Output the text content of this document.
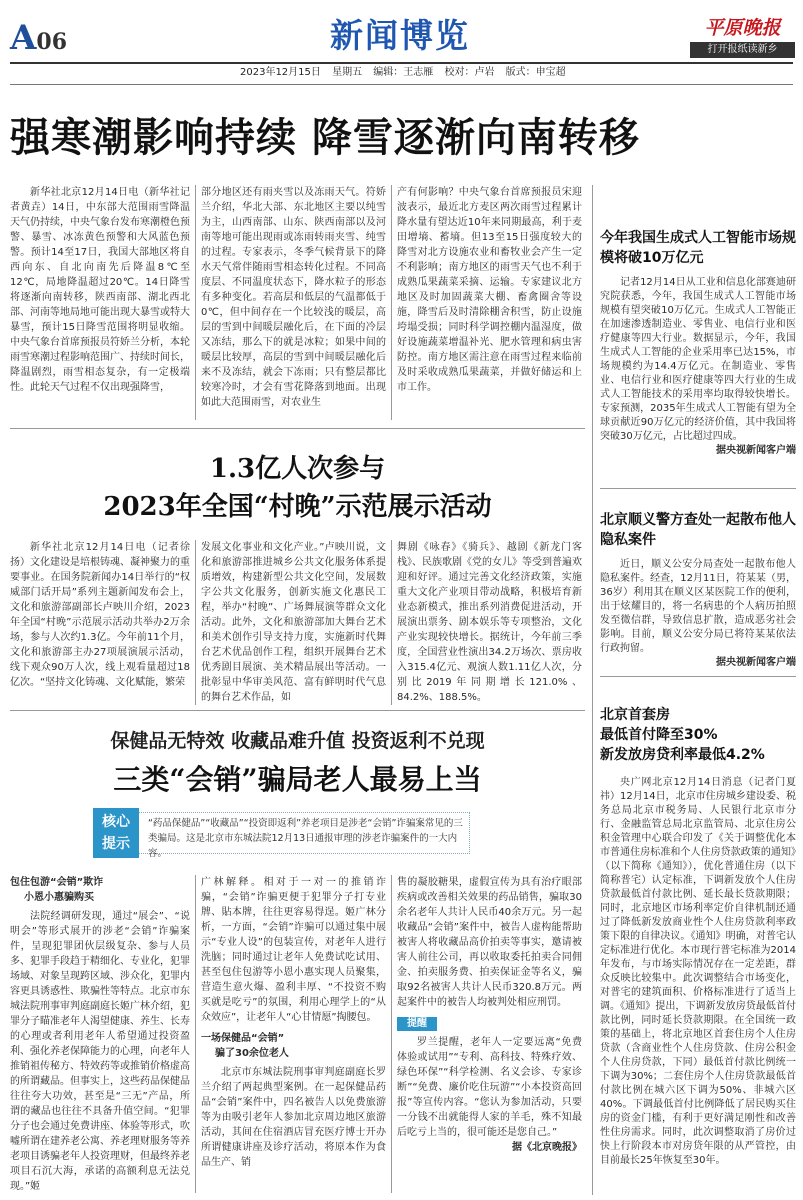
A06	新闻博览	平原晚报
打开报纸读新乡
2023年12月15日 星期五 编辑：王志雁 校对：卢岩 版式：申宝超
强寒潮影响持续 降雪逐渐向南转移

新华社北京12月14日电（新华社记者黄垚）14日，中东部大范围雨雪降温天气仍持续，中央气象台发布寒潮橙色预警、暴雪、冰冻黄色预警和大风蓝色预警。预计14至17日，我国大部地区将自西向东、自北向南先后降温8℃至12℃，局地降温超过20℃。14日降雪将逐渐向南转移，陕西南部、湖北西北部、河南等地局地可能出现大暴雪或特大暴雪，预计15日降雪范围将明显收缩。中央气象台首席预报员符娇兰分析，本轮雨雪寒潮过程影响范围广、持续时间长，降温剧烈，雨雪相态复杂，有一定极端性。此轮天气过程不仅出现强降雪，

部分地区还有雨夹雪以及冻雨天气。符娇兰介绍，华北大部、东北地区主要以纯雪为主，山西南部、山东、陕西南部以及河南等地可能出现雨或冻雨转雨夹雪、纯雪的过程。专家表示，冬季气候背景下的降水天气常伴随雨雪相态转化过程。不同高度层、不同温度状态下，降水粒子的形态有多种变化。若高层和低层的气温都低于0℃，但中间存在一个比较浅的暖层，高层的雪到中间暖层融化后，在下面的冷层又冻结，那么下的就是冰粒；如果中间的暖层比较厚，高层的雪到中间暖层融化后来不及冻结，就会下冻雨；只有整层都比较寒冷时，才会有雪花降落到地面。出现如此大范围雨雪，对农业生

产有何影响？中央气象台首席预报员宋迎波表示，最近北方麦区两次雨雪过程累计降水量有望达近10年来同期最高，利于麦田增墒、蓄墒。但13至15日强度较大的降雪对北方设施农业和畜牧业会产生一定不利影响；南方地区的雨雪天气也不利于成熟瓜果蔬菜采摘、运输。专家建议北方地区及时加固蔬菜大棚、畜禽圈舍等设施，降雪后及时清除棚舍积雪，防止设施垮塌受损；同时科学调控棚内温湿度，做好设施蔬菜增温补光、肥水管理和病虫害防控。南方地区需注意在雨雪过程来临前及时采收成熟瓜果蔬菜，并做好储运和上市工作。

1.3亿人次参与
2023年全国“村晚”示范展示活动

新华社北京12月14日电（记者徐扬）文化建设是培根铸魂、凝神聚力的重要事业。在国务院新闻办14日举行的“权威部门话开局”系列主题新闻发布会上，文化和旅游部副部长卢映川介绍，2023年全国“村晚”示范展示活动共举办2万余场，参与人次约1.3亿。今年前11个月，文化和旅游部主办27项展演展示活动，线下观众90万人次，线上观看量超过18亿次。“坚持文化铸魂、文化赋能，繁荣

发展文化事业和文化产业。”卢映川说，文化和旅游部推进城乡公共文化服务体系提质增效，构建新型公共文化空间，发展数字公共文化服务，创新实施文化惠民工程，举办“村晚”、广场舞展演等群众文化活动。此外，文化和旅游部加大舞台艺术和美术创作引导支持力度，实施新时代舞台艺术优品创作工程，组织开展舞台艺术优秀剧目展演、美术精品展出等活动。一批彰显中华审美风范、富有鲜明时代气息的舞台艺术作品，如

舞剧《咏春》《骑兵》、越剧《新龙门客栈》、民族歌剧《党的女儿》等受到普遍欢迎和好评。通过完善文化经济政策，实施重大文化产业项目带动战略，积极培育新业态新模式，推出系列消费促进活动，开展演出票务、剧本娱乐等专项整治，文化产业实现较快增长。据统计，今年前三季度，全国营业性演出34.2万场次、票房收入315.4亿元、观演人数1.11亿人次，分别比2019年同期增长121.0%、84.2%、188.5%。

保健品无特效 收藏品难升值 投资返利不兑现
三类“会销”骗局老人最易上当
核心
提示
“药品保健品”“收藏品”“投资即返利”养老项目是涉老“会销”诈骗案常见的三类骗局。这是北京市东城法院12月13日通报审理的涉老诈骗案件的一大内容。
包住包游“会销”欺诈
小恩小惠骗购买

法院经调研发现，通过“展会”、“说明会”等形式展开的涉老“会销”诈骗案件，呈现犯罪团伙层级复杂、参与人员多、犯罪手段趋于精细化、专业化，犯罪场域、对象呈现跨区域、涉众化，犯罪内容更具诱惑性、欺骗性等特点。北京市东城法院刑事审判庭副庭长姬广林介绍，犯罪分子瞄准老年人渴望健康、养生、长寿的心理或者利用老年人希望通过投资盈利、强化养老保障能力的心理，向老年人推销祖传秘方、特效药等或推销价格虚高的所谓藏品。但事实上，这些药品保健品往往夸大功效，甚至是“三无”产品，所谓的藏品也往往不具备升值空间。“犯罪分子也会通过免费讲座、体验等形式，吹嘘所谓在建养老公寓、养老理财服务等养老项目诱骗老年人投资理财，但最终养老项目石沉大海，承诺的高额利息无法兑现。”姬

广林解释。相对于一对一的推销诈骗，“会销”诈骗更便于犯罪分子打专业牌、貼本牌，往往更容易得逞。姬广林分析，一方面，“会销”诈骗可以通过集中展示“专业人设”的包装宣传，对老年人进行洗脑；同时通过让老年人免费试吃试用、甚至包住包游等小恩小惠实现人员聚集，营造生意火爆、盈利丰厚、“不投资不购买就是吃亏”的氛围，利用心理学上的“从众效应”，让老年人“心甘情愿”掏腰包。

一场保健品“会销”
骗了30余位老人

北京市东城法院刑事审判庭副庭长罗兰介绍了两起典型案例。在一起保健品药品“会销”案件中，四名被告人以免费旅游等为由吸引老年人参加北京周边地区旅游活动，其间在住宿酒店冒充医疗博士开办所谓健康讲座及诊疗活动，将原本作为食品生产、销

售的凝胶糖果，虚假宣传为具有治疗眼部疾病或改善相关效果的药品销售，骗取30余名老年人共计人民币40余万元。另一起收藏品“会销”案件中，被告人虚构能帮助被害人将收藏品高价拍卖等事实，邀请被害人前往公司，再以收取委托拍卖合同佣金、拍卖服务费、拍卖保证金等名义，骗取92名被害人共计人民币320.8万元。两起案件中的被告人均被判处相应刑罚。

提醒

罗兰提醒，老年人一定要远离“免费体验或试用”“专利、高科技、特殊疗效、绿色环保”“科学检测、名义会诊、专家诊断”“免费、廉价吃住玩游”“小本投资高回报”等宣传内容。“您认为参加活动，只要一分钱不出就能得人家的羊毛，殊不知最后吃亏上当的，很可能还是您自己。”

据《北京晚报》

今年我国生成式人工智能市场规模将破10万亿元

记者12月14日从工业和信息化部赛迪研究院获悉，今年，我国生成式人工智能市场规模有望突破10万亿元。生成式人工智能正在加速渗透制造业、零售业、电信行业和医疗健康等四大行业。数据显示，今年，我国生成式人工智能的企业采用率已达15%，市场规模约为14.4万亿元。在制造业、零售业、电信行业和医疗健康等四大行业的生成式人工智能技术的采用率均取得较快增长。专家预测，2035年生成式人工智能有望为全球贡献近90万亿元的经济价值，其中我国将突破30万亿元，占比超过四成。

据央视新闻客户端

北京顺义警方查处一起散布他人隐私案件

近日，顺义公安分局查处一起散布他人隐私案件。经查，12月11日，符某某（男，36岁）利用其在顺义区某医院工作的便利，出于炫耀目的，将一名病患的个人病历拍照发至微信群，导致信息扩散，造成恶劣社会影响。目前，顺义公安分局已将符某某依法行政拘留。

据央视新闻客户端

北京首套房
最低首付降至30%
新发放房贷利率最低4.2%

央广网北京12月14日消息（记者门夏祎）12月14日，北京市住房城乡建设委、税务总局北京市税务局、人民银行北京市分行、金融监管总局北京监管局、北京住房公积金管理中心联合印发了《关于调整优化本市普通住房标准和个人住房贷款政策的通知》（以下简称《通知》），优化普通住房（以下简称普宅）认定标准，下调新发放个人住房贷款最低首付款比例、延长最长贷款期限；同时，北京地区市场利率定价自律机制还通过了降低新发放商业性个人住房贷款利率政策下限的自律决议。《通知》明确，对普宅认定标准进行优化。本市现行普宅标准为2014年发布，与市场实际情况存在一定差距，群众反映比较集中。此次调整结合市场变化，对普宅的建筑面积、价格标准进行了适当上调。《通知》提出，下调新发放房贷最低首付款比例，同时延长贷款期限。在全国统一政策的基础上，将北京地区首套住房个人住房贷款（含商业性个人住房贷款、住房公积金个人住房贷款，下同）最低首付款比例统一下调为30%；二套住房个人住房贷款最低首付款比例在城六区下调为50%、非城六区40%。下调最低首付比例降低了居民购买住房的资金门槛，有利于更好满足刚性和改善性住房需求。同时，此次调整取消了房价过快上行阶段本市对房贷年限的从严管控，由目前最长25年恢复至30年。
